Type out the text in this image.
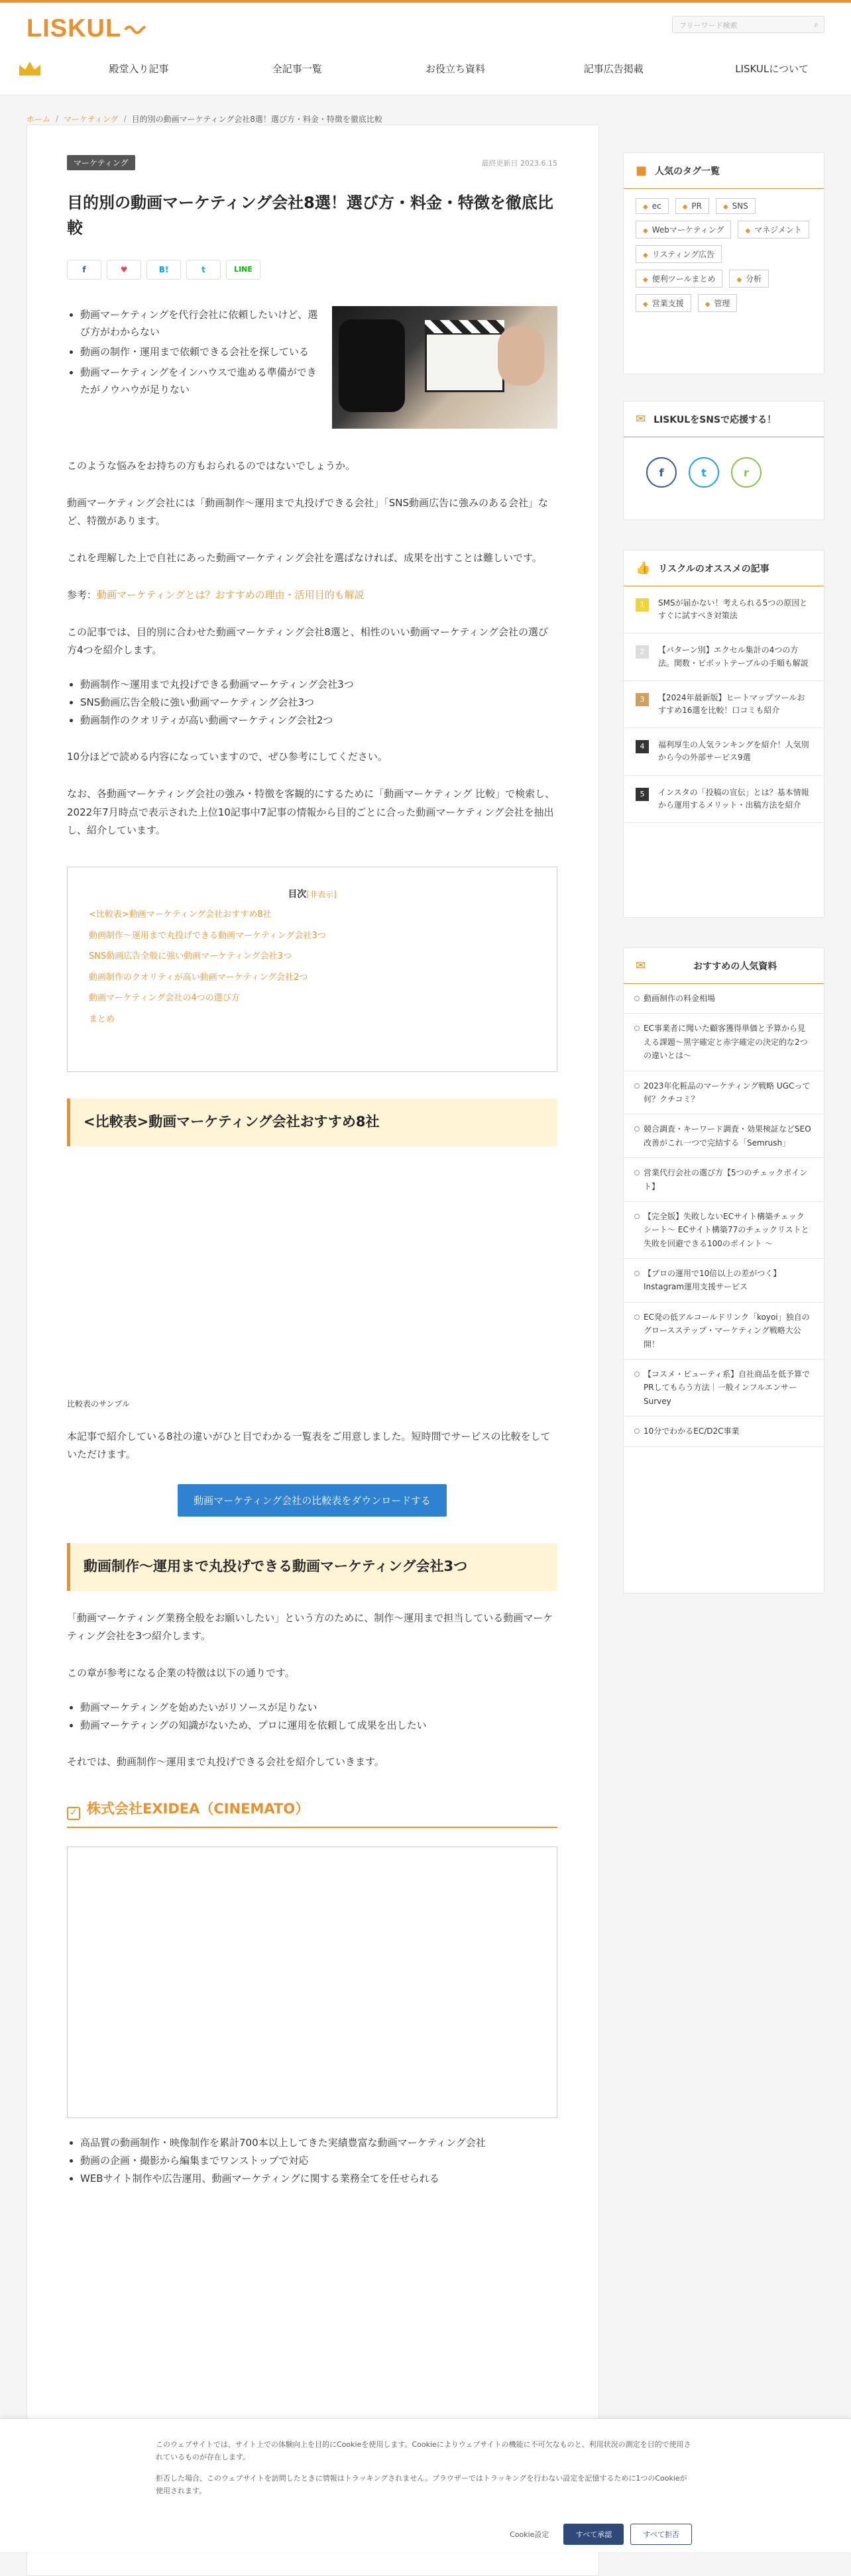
LISKUL	フリーワード検索	⌕
殿堂入り記事	全記事一覧	お役立ち資料	記事広告掲載	LISKULについて
ホーム / マーケティング / 目的別の動画マーケティング会社8選！選び方・料金・特徴を徹底比較
マーケティング	最終更新日 2023.6.15
目的別の動画マーケティング会社8選！選び方・料金・特徴を徹底比較
f	♥	B!	t	LINE
• 動画マーケティングを代行会社に依頼したいけど、選び方がわからない
• 動画の制作・運用まで依頼できる会社を探している
• 動画マーケティングをインハウスで進める準備ができたがノウハウが足りない

このような悩みをお持ちの方もおられるのではないでしょうか。

動画マーケティング会社には「動画制作〜運用まで丸投げできる会社」「SNS動画広告に強みのある会社」など、特徴があります。

これを理解した上で自社にあった動画マーケティング会社を選ばなければ、成果を出すことは難しいです。

参考：動画マーケティングとは？おすすめの理由・活用目的も解説

この記事では、目的別に合わせた動画マーケティング会社8選と、相性のいい動画マーケティング会社の選び方4つを紹介します。

• 動画制作〜運用まで丸投げできる動画マーケティング会社3つ
• SNS動画広告全般に強い動画マーケティング会社3つ
• 動画制作のクオリティが高い動画マーケティング会社2つ

10分ほどで読める内容になっていますので、ぜひ参考にしてください。

なお、各動画マーケティング会社の強み・特徴を客観的にするために「動画マーケティング 比較」で検索し、2022年7月時点で表示された上位10記事中7記事の情報から目的ごとに合った動画マーケティング会社を抽出し、紹介しています。

目次[非表示]
<比較表>動画マーケティング会社おすすめ8社
動画制作〜運用まで丸投げできる動画マーケティング会社3つ
SNS動画広告全般に強い動画マーケティング会社3つ
動画制作のクオリティが高い動画マーケティング会社2つ
動画マーケティング会社の4つの選び方
まとめ
<比較表>動画マーケティング会社おすすめ8社

比較表のサンプル

本記事で紹介している8社の違いがひと目でわかる一覧表をご用意しました。短時間でサービスの比較をしていただけます。

動画マーケティング会社の比較表をダウンロードする
動画制作〜運用まで丸投げできる動画マーケティング会社3つ

「動画マーケティング業務全般をお願いしたい」という方のために、制作〜運用まで担当している動画マーケティング会社を3つ紹介します。

この章が参考になる企業の特徴は以下の通りです。

• 動画マーケティングを始めたいがリソースが足りない
• 動画マーケティングの知識がないため、プロに運用を依頼して成果を出したい

それでは、動画制作〜運用まで丸投げできる会社を紹介していきます。

✓ 株式会社EXIDEA（CINEMATO）
• 高品質の動画制作・映像制作を累計700本以上してきた実績豊富な動画マーケティング会社
• 動画の企画・撮影から編集までワンストップで対応
• WEBサイト制作や広告運用、動画マーケティングに関する業務全てを任せられる
■ 人気のタグ一覧
◆ ec	◆ PR	◆ SNS
◆ Webマーケティング	◆ マネジメント
◆ リスティング広告
◆ 便利ツールまとめ	◆ 分析
◆ 営業支援	◆ 管理
✉ LISKULをSNSで応援する！
f	t	r
👍 リスクルのオススメの記事
1	SMSが届かない！考えられる5つの原因とすぐに試すべき対策法
2	【パターン別】エクセル集計の4つの方法。関数・ピボットテーブルの手順も解説
3	【2024年最新版】ヒートマップツールおすすめ16選を比較！口コミも紹介
4	福利厚生の人気ランキングを紹介！人気別から今の外部サービス9選
5	インスタの「投稿の宣伝」とは？基本情報から運用するメリット・出稿方法を紹介
✉	おすすめの人気資料
動画制作の料金相場
EC事業者に聞いた顧客獲得単価と予算から見える課題〜黒字確定と赤字確定の決定的な2つの違いとは〜
2023年化粧品のマーケティング戦略 UGCって何？クチコミ？
競合調査・キーワード調査・効果検証などSEO改善がこれ一つで完結する「Semrush」
営業代行会社の選び方【5つのチェックポイント】
【完全版】失敗しないECサイト構築チェックシート〜 ECサイト構築77のチェックリストと失敗を回避できる100のポイント 〜
【プロの運用で10倍以上の差がつく】Instagram運用支援サービス
EC発の低アルコールドリンク「koyoi」独自のグロースステップ・マーケティング戦略大公開！
【コスメ・ビューティ系】自社商品を低予算でPRしてもらう方法｜一般インフルエンサーSurvey
10分でわかるEC/D2C事業

このウェブサイトでは、サイト上での体験向上を目的にCookieを使用します。Cookieによりウェブサイトの機能に不可欠なものと、利用状況の測定を目的で使用されているものが存在します。

拒否した場合、このウェブサイトを訪問したときに情報はトラッキングされません。ブラウザーではトラッキングを行わない設定を記憶するために1つのCookieが使用されます。

Cookie設定	すべて承認	すべて拒否
